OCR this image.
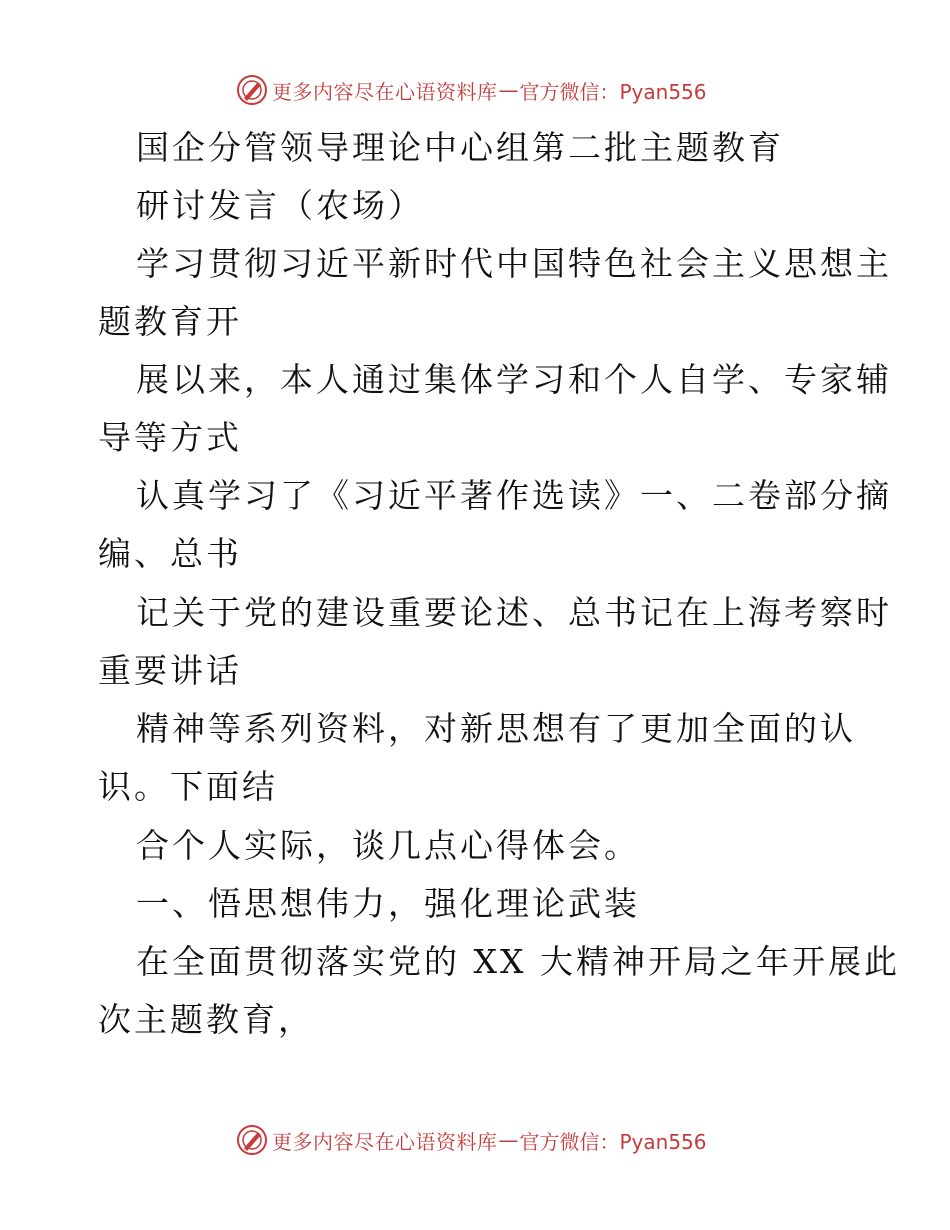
更多内容尽在心语资料库 — 官方微信：Pyan556
国企分管领导理论中心组第二批主题教育
研讨发言（农场）
学习贯彻习近平新时代中国特色社会主义思想主
题教育开
展以来，本人通过集体学习和个人自学、专家辅
导等方式
认真学习了《习近平著作选读》一、二卷部分摘
编、总书
记关于党的建设重要论述、总书记在上海考察时
重要讲话
精神等系列资料，对新思想有了更加全面的认
识。下面结
合个人实际，谈几点心得体会。
一、悟思想伟力，强化理论武装
在全面贯彻落实党的 XX 大精神开局之年开展此
次主题教育，
更多内容尽在心语资料库 — 官方微信：Pyan556
